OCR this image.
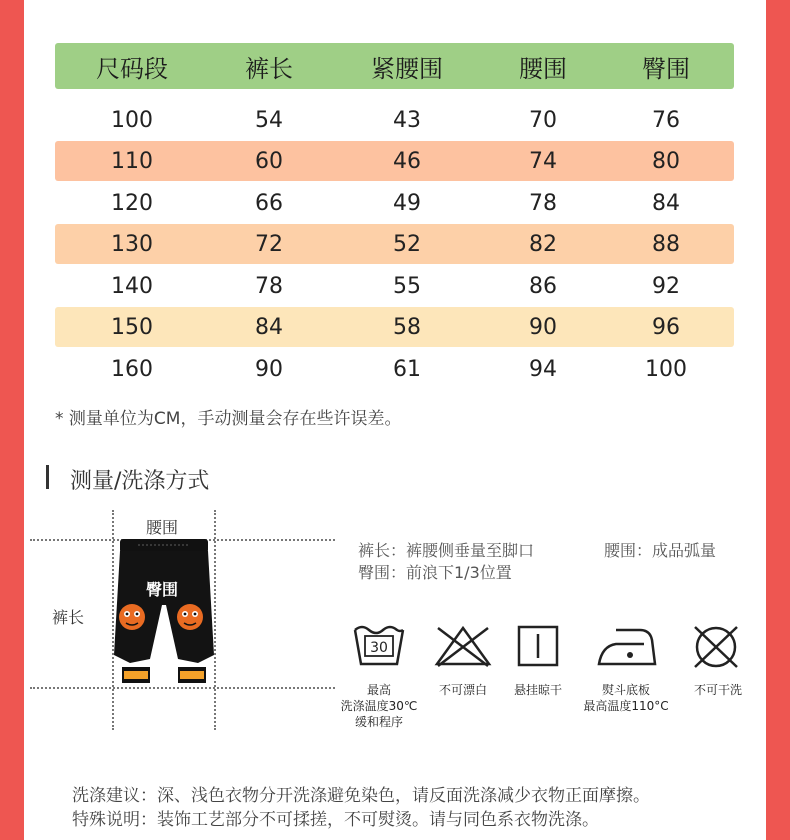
尺码段	裤长	紧腰围	腰围	臀围
100	54	43	70	76
110	60	46	74	80
120	66	49	78	84
130	72	52	82	88
140	78	55	86	92
150	84	58	90	96
160	90	61	94	100
* 测量单位为CM，手动测量会存在些许误差。
测量/洗涤方式
腰围
臀围
裤长
裤长：裤腰侧垂量至脚口	腰围：成品弧量
臀围：前浪下1/3位置
30
最高
洗涤温度30℃
缓和程序
不可漂白 悬挂晾干	熨斗底板
最高温度110°C
不可干洗
洗涤建议：深、浅色衣物分开洗涤避免染色，请反面洗涤减少衣物正面摩擦。
特殊说明：装饰工艺部分不可揉搓，不可熨烫。请与同色系衣物洗涤。
